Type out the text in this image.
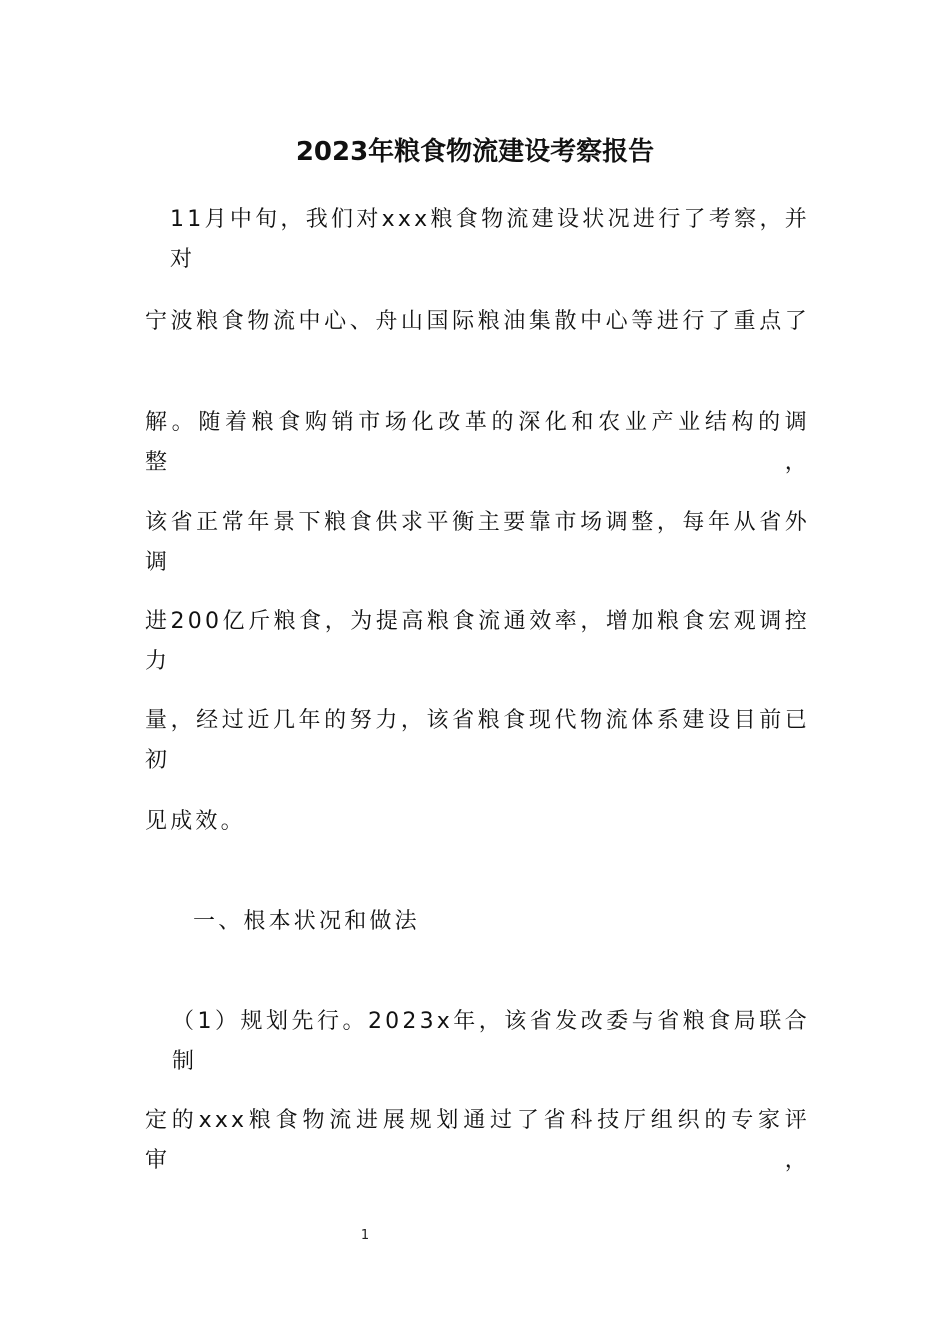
2023年粮食物流建设考察报告
11月中旬，我们对xxx粮食物流建设状况进行了考察，并对
宁波粮食物流中心、舟山国际粮油集散中心等进行了重点了
解。随着粮食购销市场化改革的深化和农业产业结构的调整，
该省正常年景下粮食供求平衡主要靠市场调整，每年从省外调
进200亿斤粮食，为提高粮食流通效率，增加粮食宏观调控力
量，经过近几年的努力，该省粮食现代物流体系建设目前已初
见成效。
一、根本状况和做法
（1）规划先行。2023x年，该省发改委与省粮食局联合制
定的xxx粮食物流进展规划通过了省科技厅组织的专家评审，
1
